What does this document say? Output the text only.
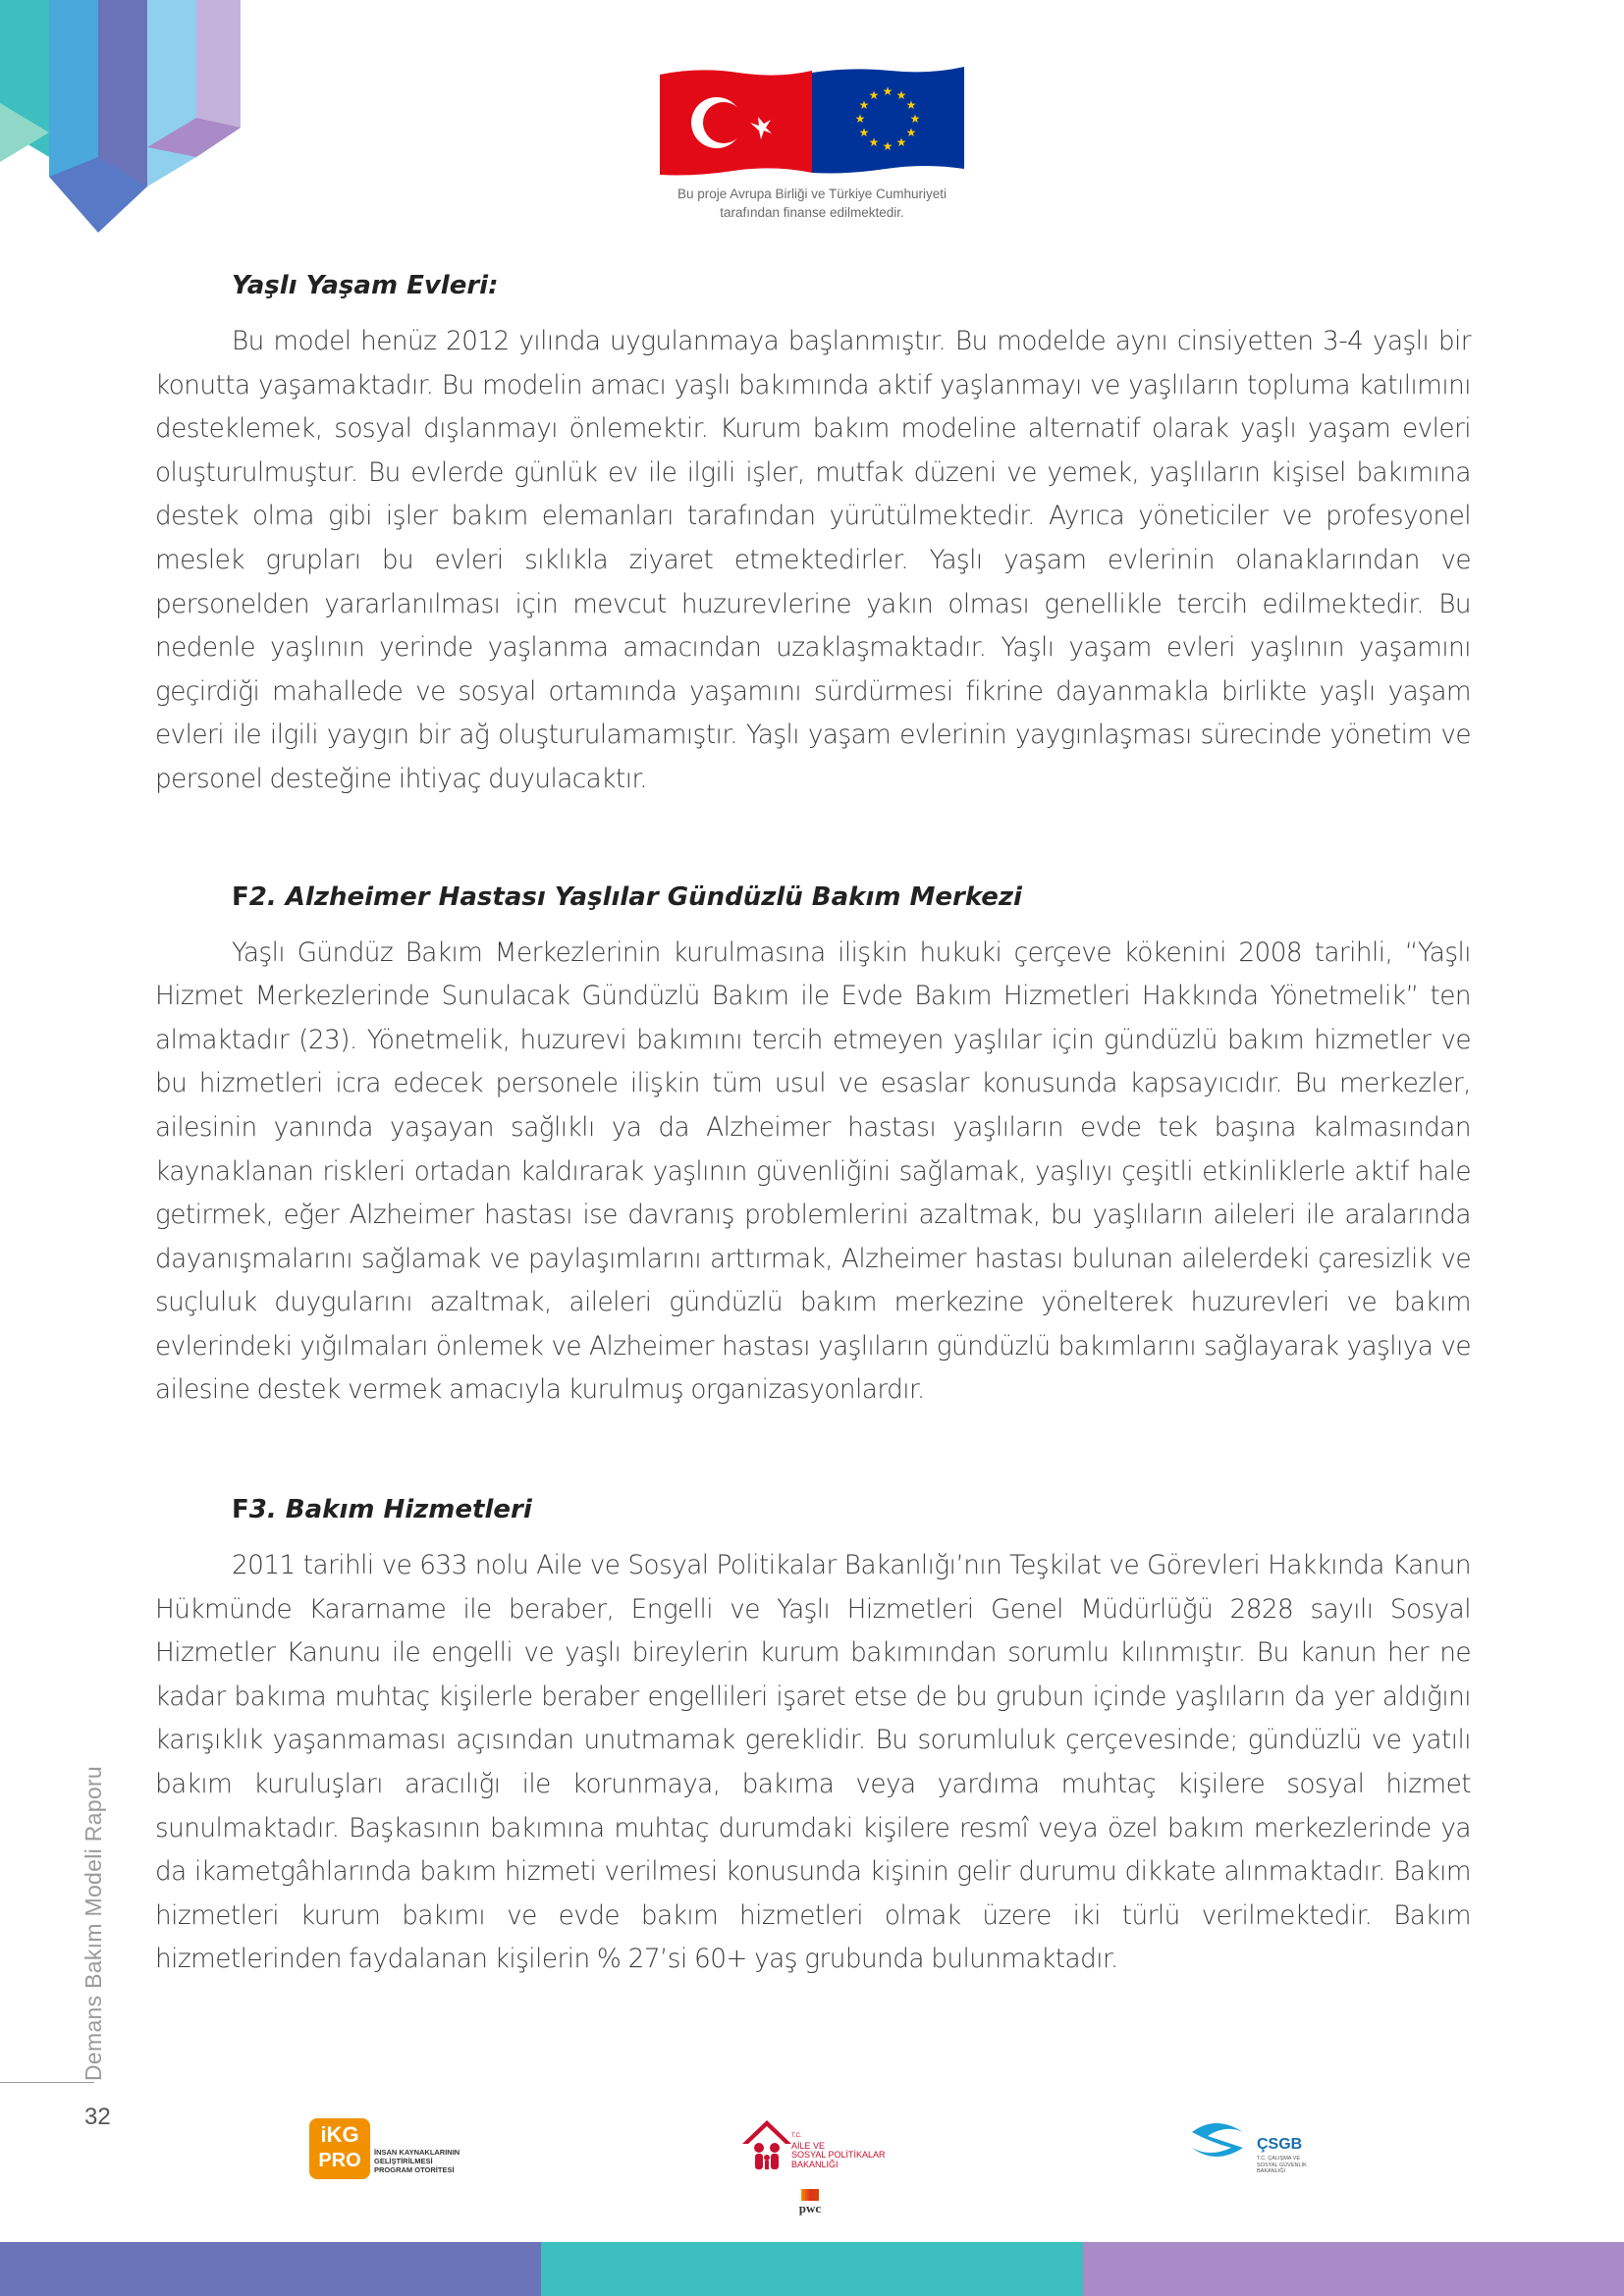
★ ★
★
★
★
★
★
★
★
★
★
★
Bu proje Avrupa Birliği ve Türkiye Cumhuriyeti
tarafından finanse edilmektedir.
Yaşlı Yaşam Evleri:

Bu model henüz 2012 yılında uygulanmaya başlanmıştır. Bu modelde aynı cinsiyetten 3-4 yaşlı bir konutta yaşamaktadır. Bu modelin amacı yaşlı bakımında aktif yaşlanmayı ve yaşlıların topluma katılımını desteklemek, sosyal dışlanmayı önlemektir. Kurum bakım modeline alternatif olarak yaşlı yaşam evleri oluşturulmuştur. Bu evlerde günlük ev ile ilgili işler, mutfak düzeni ve yemek, yaşlıların kişisel bakımına destek olma gibi işler bakım elemanları tarafından yürütülmektedir. Ayrıca yöneticiler ve profesyonel meslek grupları bu evleri sıklıkla ziyaret etmektedirler. Yaşlı yaşam evlerinin olanaklarından ve personelden yararlanılması için mevcut huzurevlerine yakın olması genellikle tercih edilmektedir. Bu nedenle yaşlının yerinde yaşlanma amacından uzaklaşmaktadır. Yaşlı yaşam evleri yaşlının yaşamını geçirdiği mahallede ve sosyal ortamında yaşamını sürdürmesi fikrine dayanmakla birlikte yaşlı yaşam evleri ile ilgili yaygın bir ağ oluşturulamamıştır. Yaşlı yaşam evlerinin yaygınlaşması sürecinde yönetim ve personel desteğine ihtiyaç duyulacaktır.

F2. Alzheimer Hastası Yaşlılar Gündüzlü Bakım Merkezi

Yaşlı Gündüz Bakım Merkezlerinin kurulmasına ilişkin hukuki çerçeve kökenini 2008 tarihli, “Yaşlı Hizmet Merkezlerinde Sunulacak Gündüzlü Bakım ile Evde Bakım Hizmetleri Hakkında Yönetmelik” ten almaktadır (23). Yönetmelik, huzurevi bakımını tercih etmeyen yaşlılar için gündüzlü bakım hizmetler ve bu hizmetleri icra edecek personele ilişkin tüm usul ve esaslar konusunda kapsayıcıdır. Bu merkezler, ailesinin yanında yaşayan sağlıklı ya da Alzheimer hastası yaşlıların evde tek başına kalmasından kaynaklanan riskleri ortadan kaldırarak yaşlının güvenliğini sağlamak, yaşlıyı çeşitli etkinliklerle aktif hale getirmek, eğer Alzheimer hastası ise davranış problemlerini azaltmak, bu yaşlıların aileleri ile aralarında dayanışmalarını sağlamak ve paylaşımlarını arttırmak, Alzheimer hastası bulunan ailelerdeki çaresizlik ve suçluluk duygularını azaltmak, aileleri gündüzlü bakım merkezine yönelterek huzurevleri ve bakım evlerindeki yığılmaları önlemek ve Alzheimer hastası yaşlıların gündüzlü bakımlarını sağlayarak yaşlıya ve ailesine destek vermek amacıyla kurulmuş organizasyonlardır.

F3. Bakım Hizmetleri

2011 tarihli ve 633 nolu Aile ve Sosyal Politikalar Bakanlığı’nın Teşkilat ve Görevleri Hakkında Kanun Hükmünde Kararname ile beraber, Engelli ve Yaşlı Hizmetleri Genel Müdürlüğü 2828 sayılı Sosyal Hizmetler Kanunu ile engelli ve yaşlı bireylerin kurum bakımından sorumlu kılınmıştır. Bu kanun her ne kadar bakıma muhtaç kişilerle beraber engellileri işaret etse de bu grubun içinde yaşlıların da yer aldığını karışıklık yaşanmaması açısından unutmamak gereklidir. Bu sorumluluk çerçevesinde; gündüzlü ve yatılı bakım kuruluşları aracılığı ile korunmaya, bakıma veya yardıma muhtaç kişilere sosyal hizmet sunulmaktadır. Başkasının bakımına muhtaç durumdaki kişilere resmî veya özel bakım merkezlerinde ya da ikametgâhlarında bakım hizmeti verilmesi konusunda kişinin gelir durumu dikkate alınmaktadır. Bakım hizmetleri kurum bakımı ve evde bakım hizmetleri olmak üzere iki türlü verilmektedir. Bakım hizmetlerinden faydalanan kişilerin % 27’si 60+ yaş grubunda bulunmaktadır.

Demans Bakım Modeli Raporu
32
iKG
PRO	İNSAN KAYNAKLARININ
GELİŞTİRİLMESİ
PROGRAM OTORİTESİ
T.C.
AİLE VE
SOSYAL POLİTİKALAR
BAKANLIĞI
pwc
ÇSGB
T.C. ÇALIŞMA VE
SOSYAL GÜVENLİK
BAKANLIĞI
